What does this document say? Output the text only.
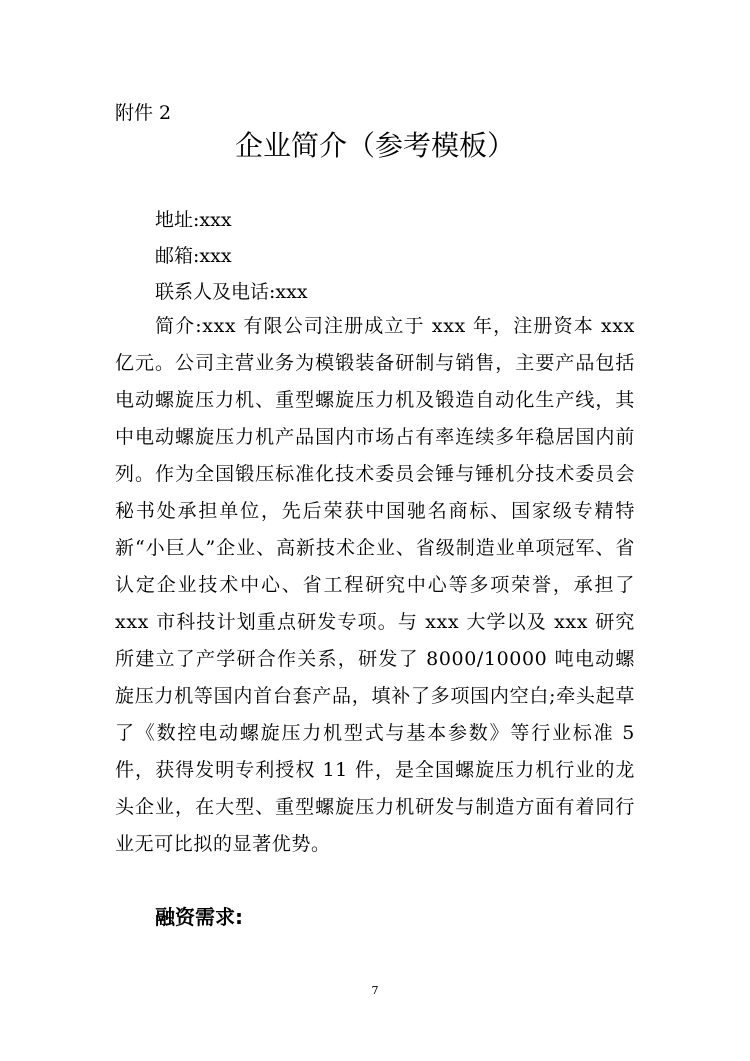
附件 2
企业简介（参考模板）
地址:xxx
邮箱:xxx
联系人及电话:xxx

简介:xxx 有限公司注册成立于 xxx 年，注册资本 xxx 亿元。公司主营业务为模锻装备研制与销售，主要产品包括电动螺旋压力机、重型螺旋压力机及锻造自动化生产线，其中电动螺旋压力机产品国内市场占有率连续多年稳居国内前列。作为全国锻压标准化技术委员会锤与锤机分技术委员会秘书处承担单位，先后荣获中国驰名商标、国家级专精特新“小巨人”企业、高新技术企业、省级制造业单项冠军、省认定企业技术中心、省工程研究中心等多项荣誉，承担了 xxx 市科技计划重点研发专项。与 xxx 大学以及 xxx 研究所建立了产学研合作关系，研发了 8000/10000 吨电动螺旋压力机等国内首台套产品，填补了多项国内空白;牵头起草了《数控电动螺旋压力机型式与基本参数》等行业标准 5 件，获得发明专利授权 11 件，是全国螺旋压力机行业的龙头企业，在大型、重型螺旋压力机研发与制造方面有着同行业无可比拟的显著优势。

融资需求:
7
